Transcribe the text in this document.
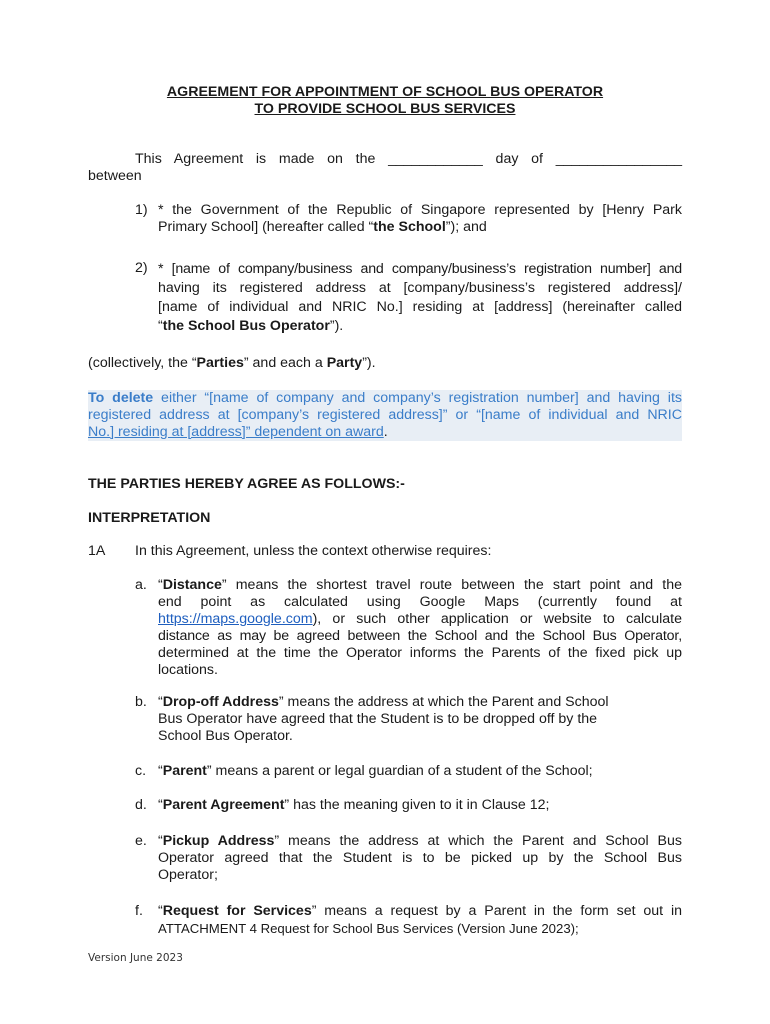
AGREEMENT FOR APPOINTMENT OF SCHOOL BUS OPERATOR
TO PROVIDE SCHOOL BUS SERVICES
This Agreement is made on the ____________ day of ________________
between
1) * the Government of the Republic of Singapore represented by [Henry Park
Primary School] (hereafter called “the School”); and
2) * [name of company/business and company/business’s registration number] and
having its registered address at [company/business’s registered address]/
[name of individual and NRIC No.] residing at [address] (hereinafter called
“the School Bus Operator”).
(collectively, the “Parties” and each a Party”).
To delete either “[name of company and company’s registration number] and having its
registered address at [company’s registered address]” or “[name of individual and NRIC
No.] residing at [address]” dependent on award.
THE PARTIES HEREBY AGREE AS FOLLOWS:-
INTERPRETATION
1A In this Agreement, unless the context otherwise requires:
a. “Distance” means the shortest travel route between the start point and the
end point as calculated using Google Maps (currently found at
https://maps.google.com), or such other application or website to calculate
distance as may be agreed between the School and the School Bus Operator,
determined at the time the Operator informs the Parents of the fixed pick up
locations.
b. “Drop-off Address” means the address at which the Parent and School
Bus Operator have agreed that the Student is to be dropped off by the
School Bus Operator.
c. “Parent” means a parent or legal guardian of a student of the School;
d. “Parent Agreement” has the meaning given to it in Clause 12;
e. “Pickup Address” means the address at which the Parent and School Bus
Operator agreed that the Student is to be picked up by the School Bus
Operator;
f.	“Request for Services” means a request by a Parent in the form set out in
ATTACHMENT 4 Request for School Bus Services (Version June 2023);
Version June 2023
